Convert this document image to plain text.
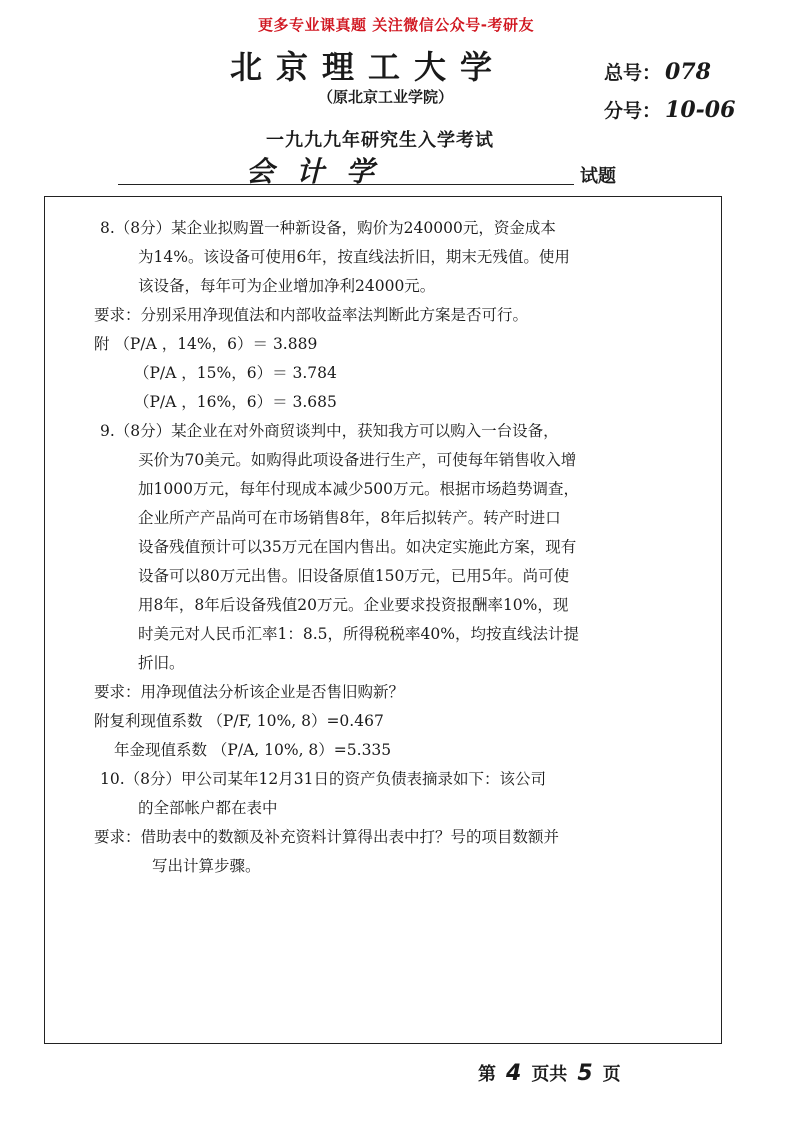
更多专业课真题 关注微信公众号-考研友
北京理工大学
（原北京工业学院）
总号： 078
分号： 10-06
一九九九年研究生入学考试
会计学	试题

8.（8分）某企业拟购置一种新设备，购价为240000元，资金成本

为14%。该设备可使用6年，按直线法折旧，期末无残值。使用

该设备，每年可为企业增加净利24000元。

要求：分别采用净现值法和内部收益率法判断此方案是否可行。

附 （P/A ，14%，6）＝ 3.889

（P/A ，15%，6）＝ 3.784

（P/A ，16%，6）＝ 3.685

9.（8分）某企业在对外商贸谈判中，获知我方可以购入一台设备，

买价为70美元。如购得此项设备进行生产，可使每年销售收入增

加1000万元，每年付现成本减少500万元。根据市场趋势调查，

企业所产产品尚可在市场销售8年，8年后拟转产。转产时进口

设备残值预计可以35万元在国内售出。如决定实施此方案，现有

设备可以80万元出售。旧设备原值150万元，已用5年。尚可使

用8年，8年后设备残值20万元。企业要求投资报酬率10%，现

时美元对人民币汇率1：8.5，所得税税率40%，均按直线法计提

折旧。

要求：用净现值法分析该企业是否售旧购新？

附复利现值系数 （P/F, 10%, 8）=0.467

年金现值系数 （P/A, 10%, 8）=5.335

10.（8分）甲公司某年12月31日的资产负债表摘录如下：该公司

的全部帐户都在表中

要求：借助表中的数额及补充资料计算得出表中打？号的项目数额并

写出计算步骤。

第 4 页共 5 页
